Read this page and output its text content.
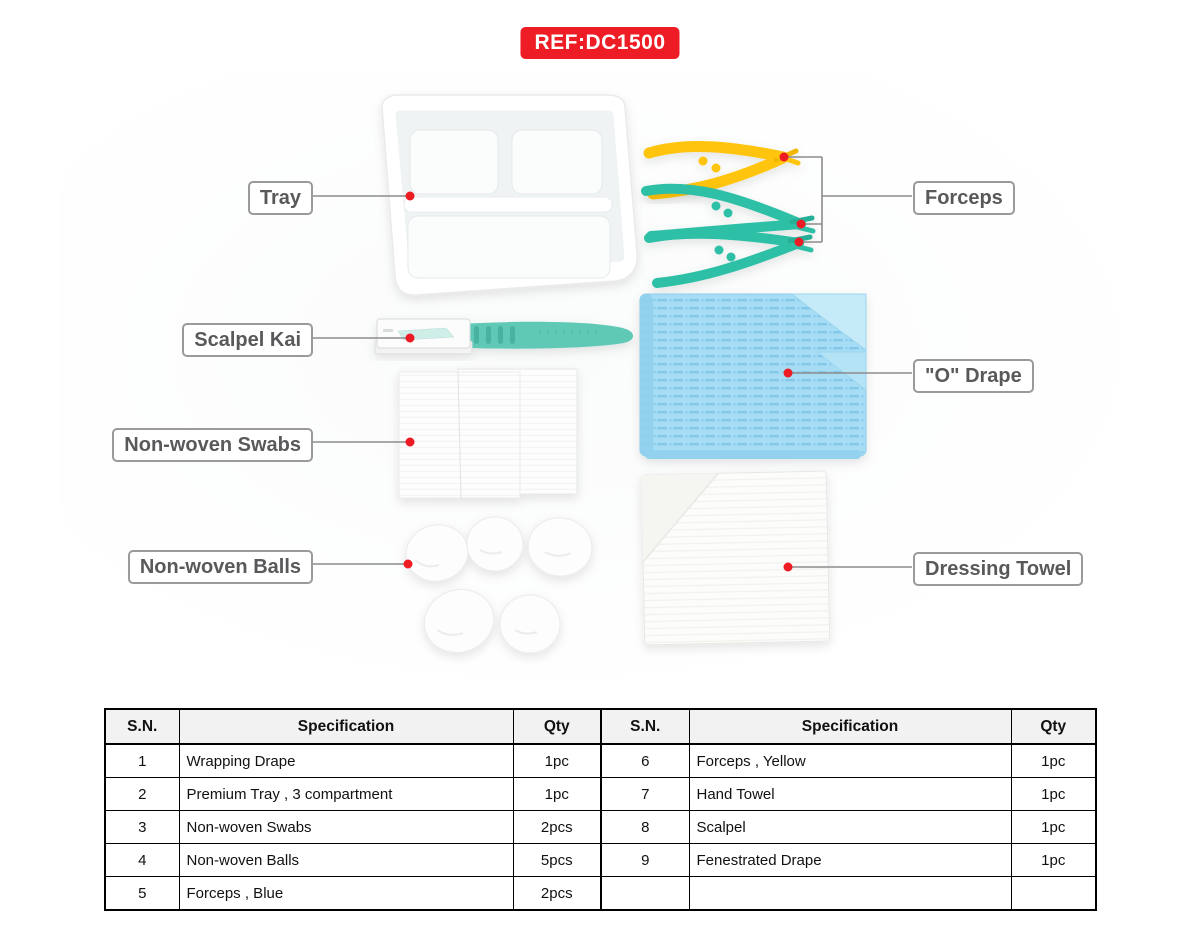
REF:DC1500
Tray
Scalpel Kai
Non-woven Swabs
Non-woven Balls
Forceps
"O" Drape
Dressing Towel
S.N.	Specification	Qty	S.N.	Specification	Qty
1	Wrapping Drape	1pc	6	Forceps , Yellow	1pc
2	Premium Tray , 3 compartment	1pc	7	Hand Towel	1pc
3	Non-woven Swabs	2pcs	8	Scalpel	1pc
4	Non-woven Balls	5pcs	9	Fenestrated Drape	1pc
5	Forceps , Blue	2pcs			
